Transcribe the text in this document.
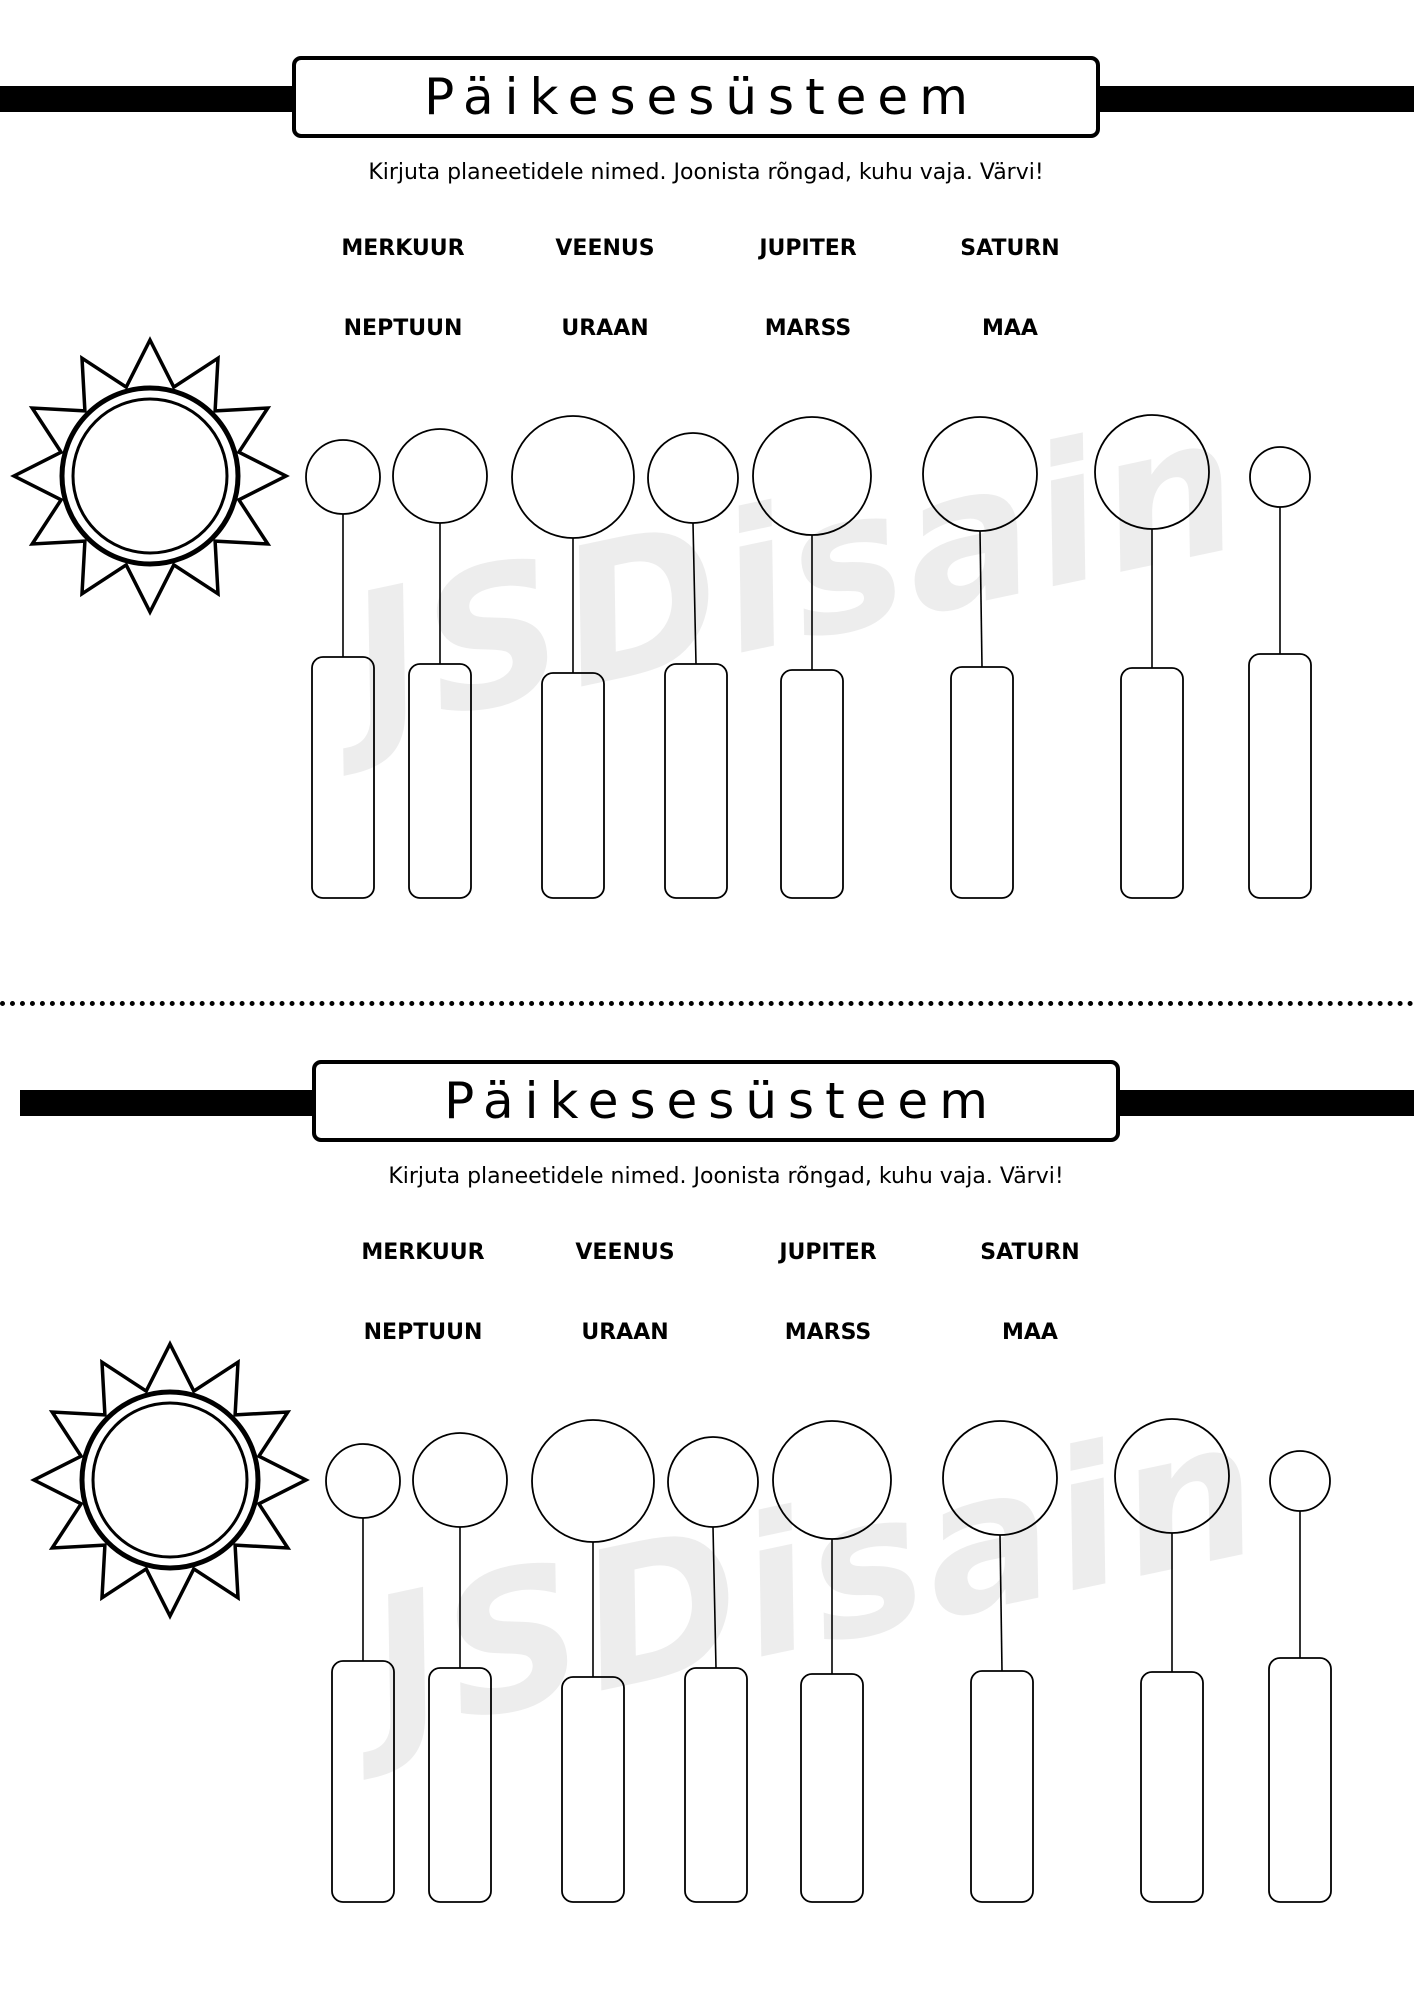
Päikesesüsteem
Kirjuta planeetidele nimed. Joonista rõngad, kuhu vaja. Värvi!
MERKUUR	VEENUS	JUPITER	SATURN
NEPTUUN	URAAN	MARSS	MAA
JSDisain
Päikesesüsteem
Kirjuta planeetidele nimed. Joonista rõngad, kuhu vaja. Värvi!
MERKUUR	VEENUS	JUPITER	SATURN
NEPTUUN	URAAN	MARSS	MAA
JSDisain
